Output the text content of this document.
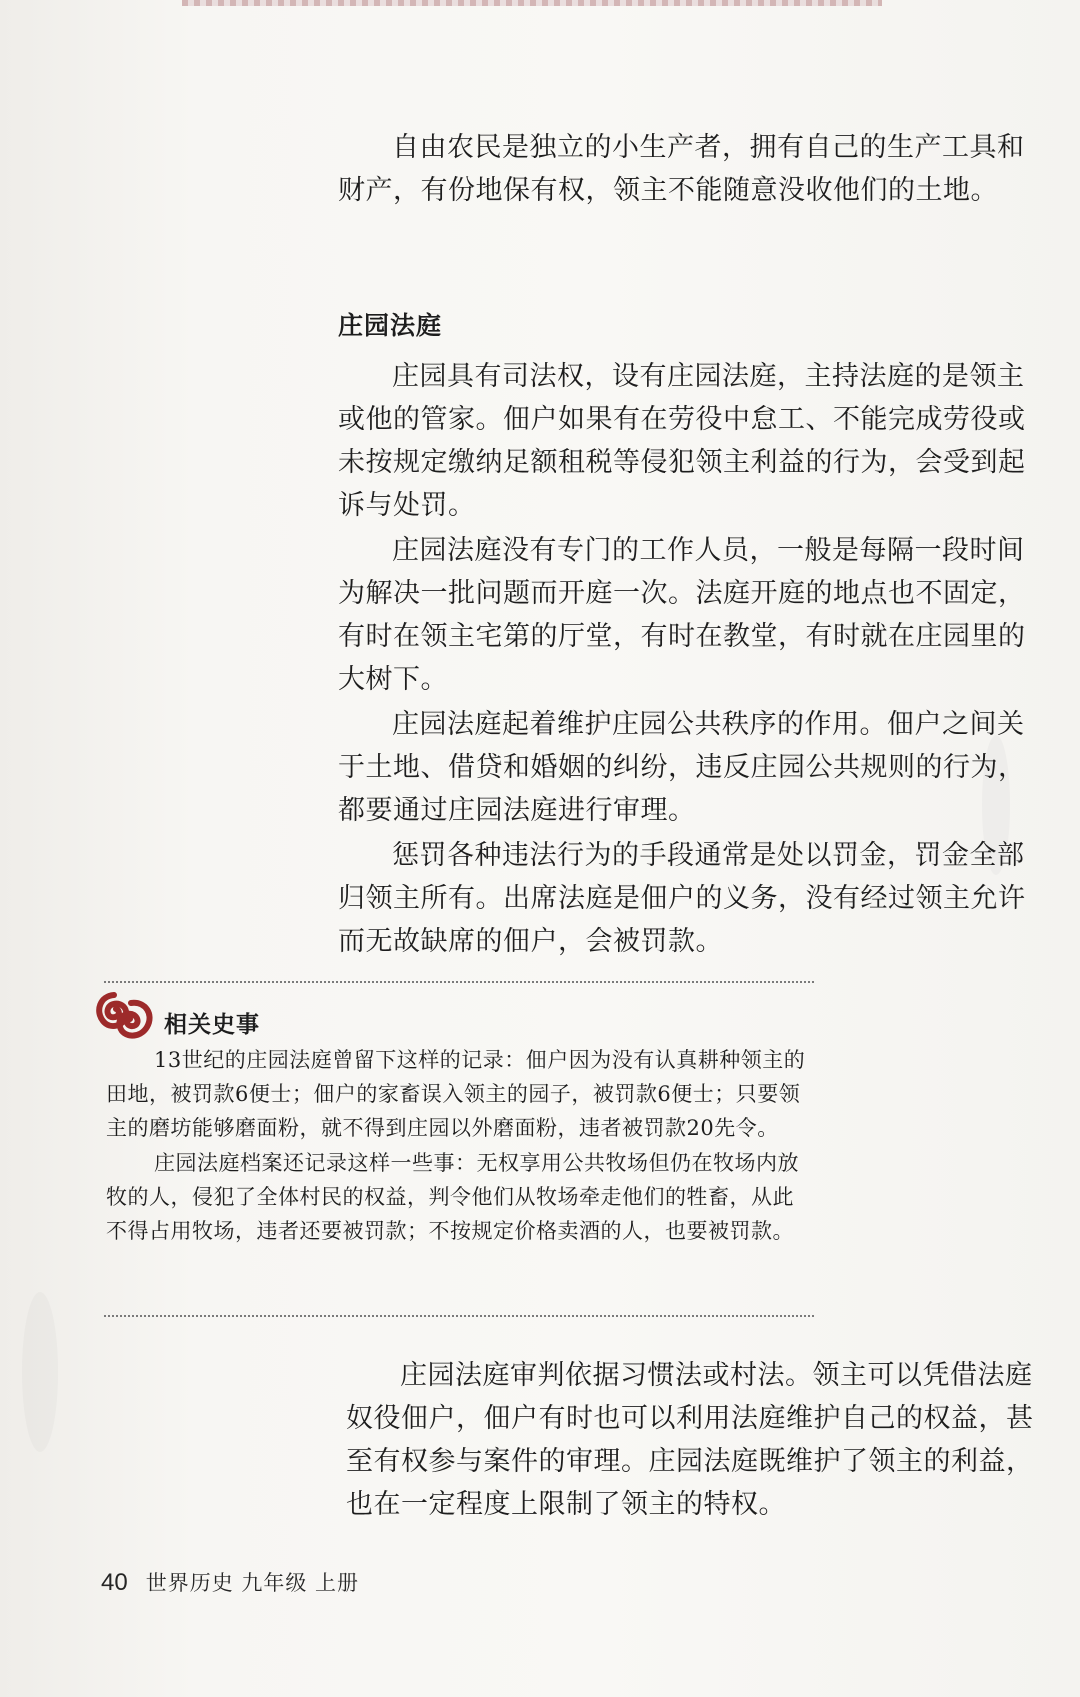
自由农民是独立的小生产者，拥有自己的生产工具和财产，有份地保有权，领主不能随意没收他们的土地。

庄园法庭

庄园具有司法权，设有庄园法庭，主持法庭的是领主或他的管家。佃户如果有在劳役中怠工、不能完成劳役或未按规定缴纳足额租税等侵犯领主利益的行为，会受到起诉与处罚。

庄园法庭没有专门的工作人员，一般是每隔一段时间为解决一批问题而开庭一次。法庭开庭的地点也不固定，有时在领主宅第的厅堂，有时在教堂，有时就在庄园里的大树下。

庄园法庭起着维护庄园公共秩序的作用。佃户之间关于土地、借贷和婚姻的纠纷，违反庄园公共规则的行为，都要通过庄园法庭进行审理。

惩罚各种违法行为的手段通常是处以罚金，罚金全部归领主所有。出席法庭是佃户的义务，没有经过领主允许而无故缺席的佃户，会被罚款。

相关史事

13世纪的庄园法庭曾留下这样的记录：佃户因为没有认真耕种领主的田地，被罚款6便士；佃户的家畜误入领主的园子，被罚款6便士；只要领主的磨坊能够磨面粉，就不得到庄园以外磨面粉，违者被罚款20先令。

庄园法庭档案还记录这样一些事：无权享用公共牧场但仍在牧场内放牧的人，侵犯了全体村民的权益，判令他们从牧场牵走他们的牲畜，从此不得占用牧场，违者还要被罚款；不按规定价格卖酒的人，也要被罚款。

庄园法庭审判依据习惯法或村法。领主可以凭借法庭奴役佃户，佃户有时也可以利用法庭维护自己的权益，甚至有权参与案件的审理。庄园法庭既维护了领主的利益，也在一定程度上限制了领主的特权。

40 世界历史 九年级 上册
